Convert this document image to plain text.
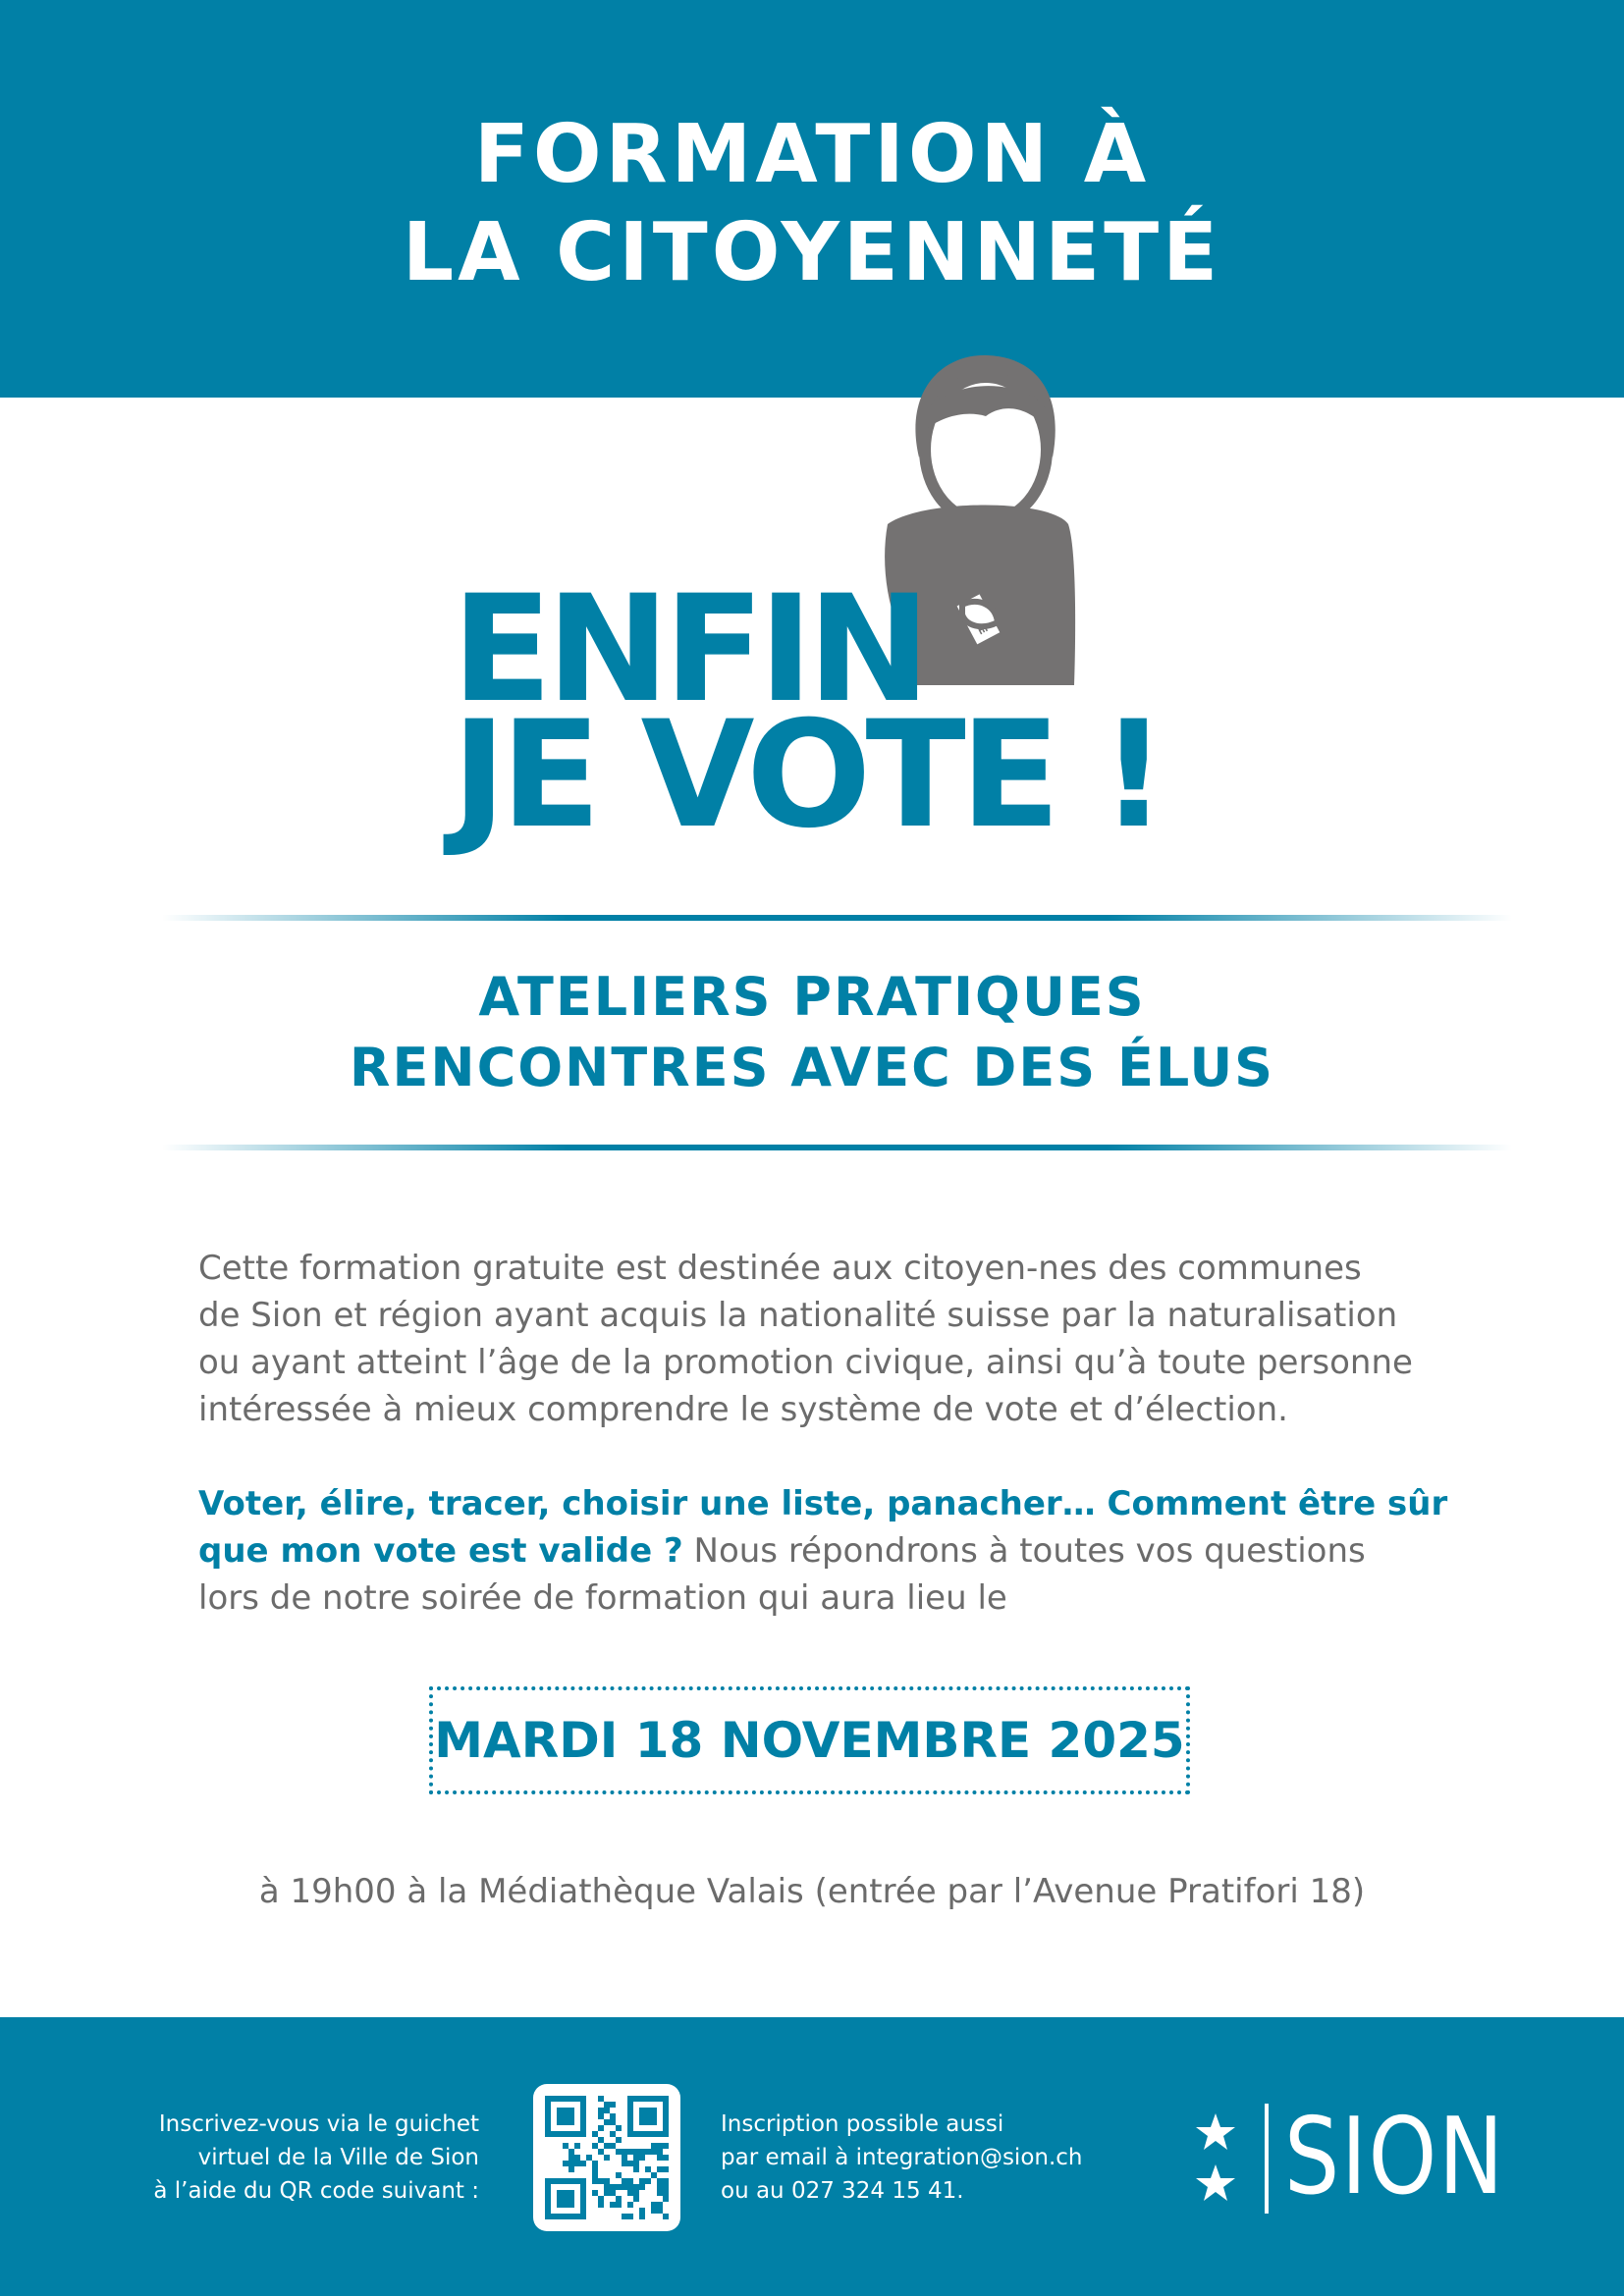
FORMATION À
LA CITOYENNETÉ
ENFIN
JE VOTE !
ATELIERS PRATIQUES
RENCONTRES AVEC DES ÉLUS

Cette formation gratuite est destinée aux citoyen-nes des communes
de Sion et région ayant acquis la nationalité suisse par la naturalisation
ou ayant atteint l’âge de la promotion civique, ainsi qu’à toute personne
intéressée à mieux comprendre le système de vote et d’élection.

Voter, élire, tracer, choisir une liste, panacher… Comment être sûr
que mon vote est valide ? Nous répondrons à toutes vos questions
lors de notre soirée de formation qui aura lieu le

MARDI 18 NOVEMBRE 2025
à 19h00 à la Médiathèque Valais (entrée par l’Avenue Pratifori 18)
Inscrivez-vous via le guichet
virtuel de la Ville de Sion
à l’aide du QR code suivant :
Inscription possible aussi
par email à integration@sion.ch
ou au 027 324 15 41.	SION
